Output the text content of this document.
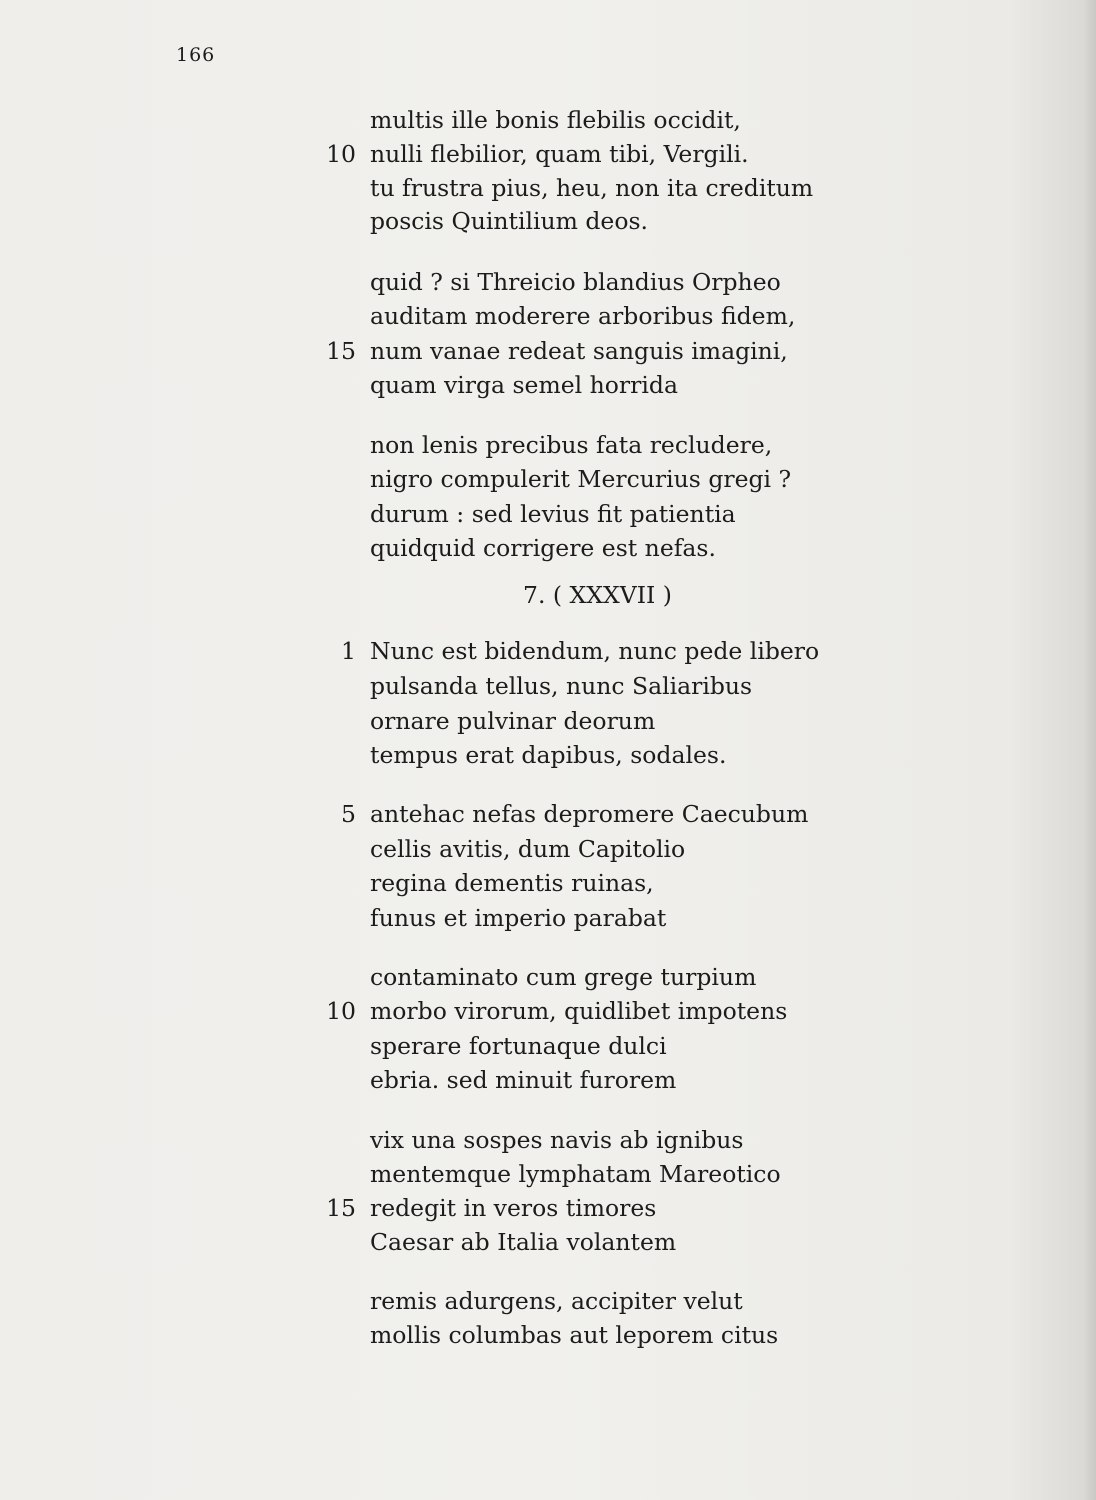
166
7. ( XXXVII )
multis ille bonis flebilis occidit,
10 nulli flebilior, quam tibi, Vergili.
tu frustra pius, heu, non ita creditum
poscis Quintilium deos.
quid ? si Threicio blandius Orpheo
auditam moderere arboribus fidem,
15 num vanae redeat sanguis imagini,
quam virga semel horrida
non lenis precibus fata recludere,
nigro compulerit Mercurius gregi ?
durum : sed levius fit patientia
quidquid corrigere est nefas.
1 Nunc est bidendum, nunc pede libero
pulsanda tellus, nunc Saliaribus
ornare pulvinar deorum
tempus erat dapibus, sodales.
5 antehac nefas depromere Caecubum
cellis avitis, dum Capitolio
regina dementis ruinas,
funus et imperio parabat
contaminato cum grege turpium
10 morbo virorum, quidlibet impotens
sperare fortunaque dulci
ebria. sed minuit furorem
vix una sospes navis ab ignibus
mentemque lymphatam Mareotico
15 redegit in veros timores
Caesar ab Italia volantem
remis adurgens, accipiter velut
mollis columbas aut leporem citus
